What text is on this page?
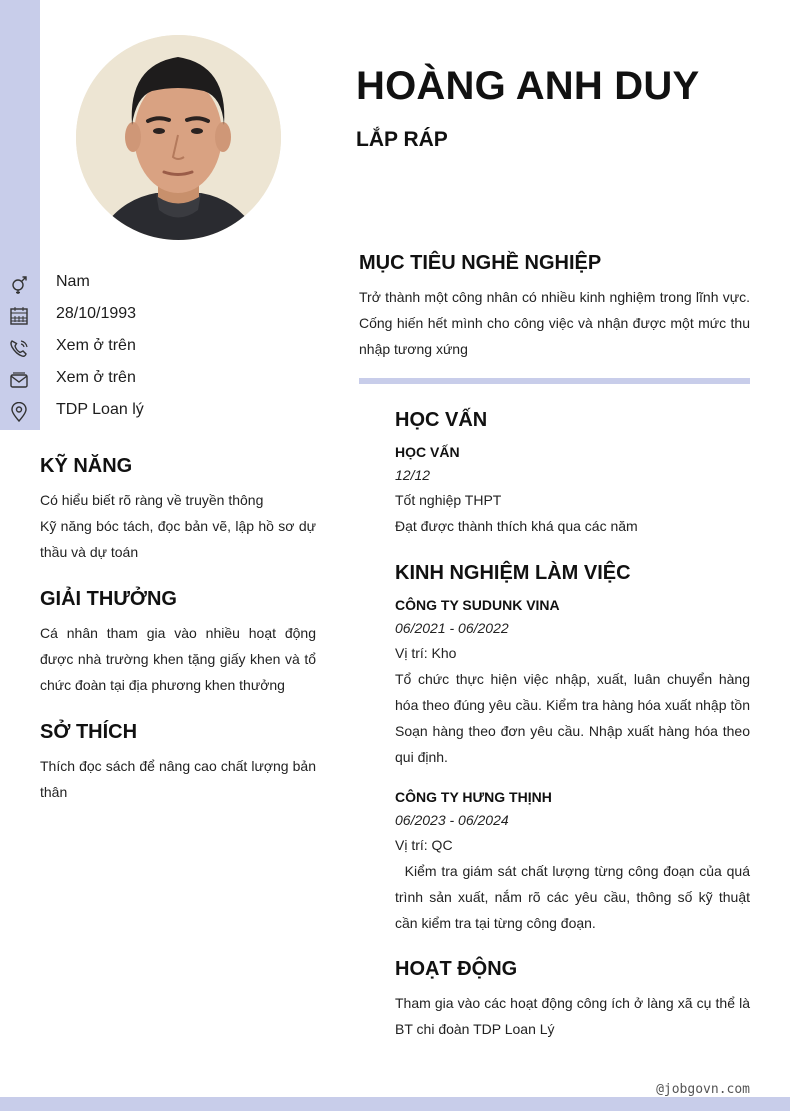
HOÀNG ANH DUY
LẮP RÁP
Nam
28/10/1993
Xem ở trên
Xem ở trên
TDP Loan lý
KỸ NĂNG

Có hiểu biết rõ ràng về truyền thông

Kỹ năng bóc tách, đọc bản vẽ, lập hồ sơ dự thầu và dự toán

GIẢI THƯỞNG

Cá nhân tham gia vào nhiều hoạt động được nhà trường khen tặng giấy khen và tổ chức đoàn tại địa phương khen thưởng

SỞ THÍCH

Thích đọc sách để nâng cao chất lượng bản thân

MỤC TIÊU NGHỀ NGHIỆP

Trở thành một công nhân có nhiều kinh nghiệm trong lĩnh vực. Cống hiến hết mình cho công việc và nhận được một mức thu nhập tương xứng

HỌC VẤN

HỌC VẤN

12/12

Tốt nghiệp THPT

Đạt được thành thích khá qua các năm

KINH NGHIỆM LÀM VIỆC

CÔNG TY SUDUNK VINA

06/2021 - 06/2022

Vị trí: Kho

Tổ chức thực hiện việc nhập, xuất, luân chuyển hàng hóa theo đúng yêu cầu. Kiểm tra hàng hóa xuất nhập tồn Soạn hàng theo đơn yêu cầu. Nhập xuất hàng hóa theo qui định.

CÔNG TY HƯNG THỊNH

06/2023 - 06/2024

Vị trí: QC

Kiểm tra giám sát chất lượng từng công đoạn của quá trình sản xuất, nắm rõ các yêu cầu, thông số kỹ thuật cần kiểm tra tại từng công đoạn.

HOẠT ĐỘNG

Tham gia vào các hoạt động công ích ở làng xã cụ thể là BT chi đoàn TDP Loan Lý

@jobgovn.com
